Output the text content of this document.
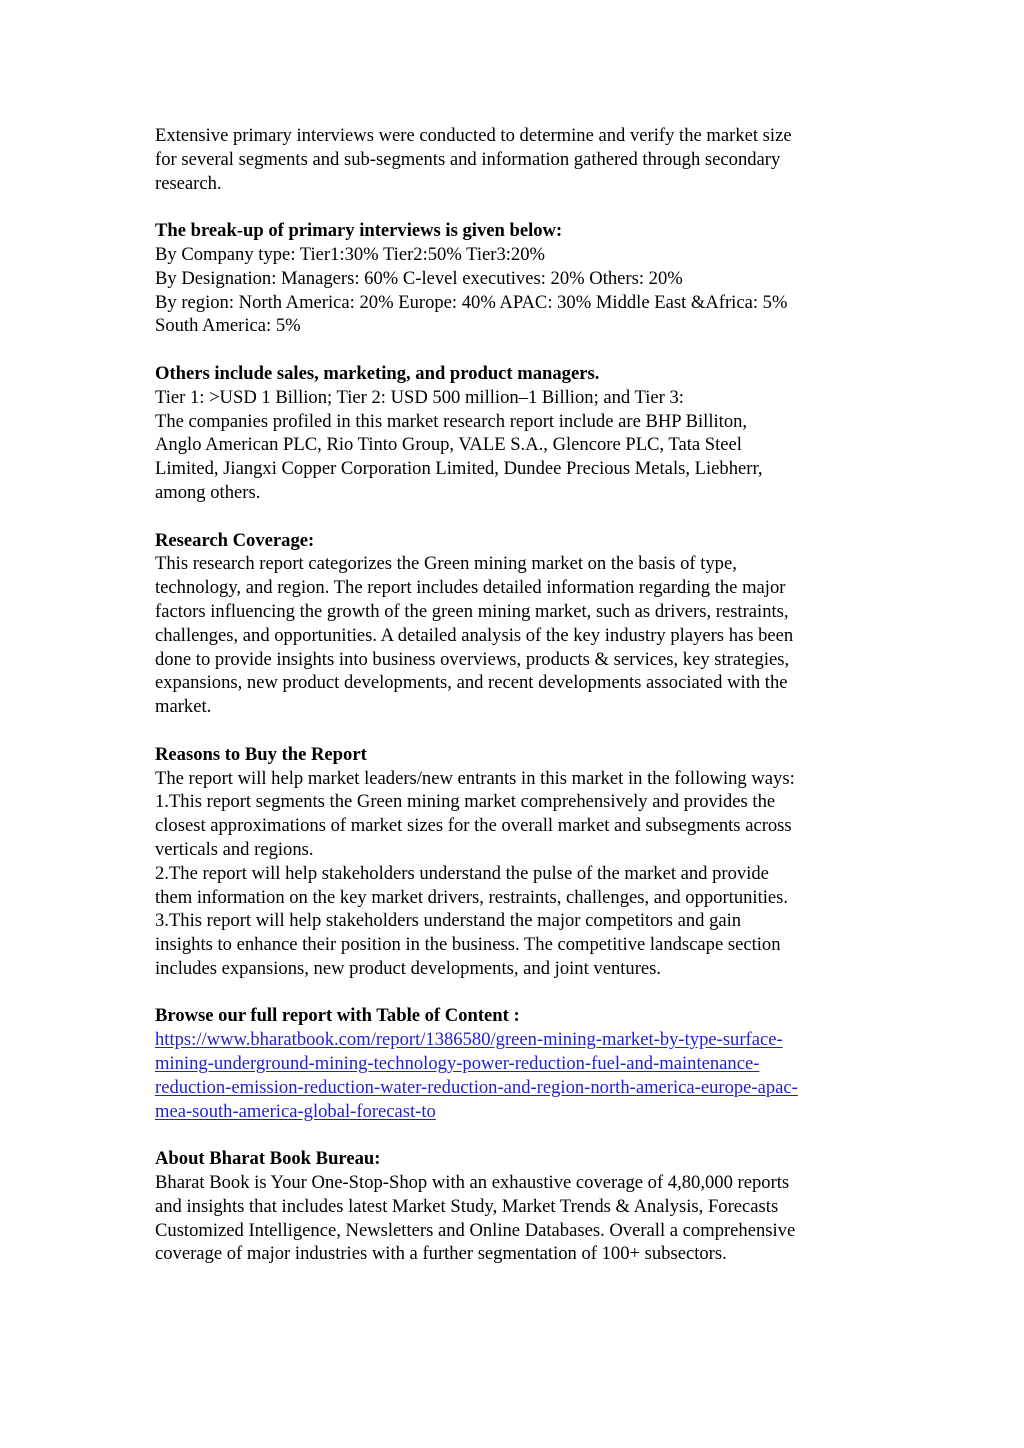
Extensive primary interviews were conducted to determine and verify the market size
for several segments and sub-segments and information gathered through secondary
research.
The break-up of primary interviews is given below:
By Company type: Tier1:30% Tier2:50% Tier3:20%
By Designation: Managers: 60% C-level executives: 20% Others: 20%
By region: North America: 20% Europe: 40% APAC: 30% Middle East &Africa: 5%
South America: 5%
Others include sales, marketing, and product managers.
Tier 1: >USD 1 Billion; Tier 2: USD 500 million–1 Billion; and Tier 3:
The companies profiled in this market research report include are BHP Billiton,
Anglo American PLC, Rio Tinto Group, VALE S.A., Glencore PLC, Tata Steel
Limited, Jiangxi Copper Corporation Limited, Dundee Precious Metals, Liebherr,
among others.
Research Coverage:
This research report categorizes the Green mining market on the basis of type,
technology, and region. The report includes detailed information regarding the major
factors influencing the growth of the green mining market, such as drivers, restraints,
challenges, and opportunities. A detailed analysis of the key industry players has been
done to provide insights into business overviews, products & services, key strategies,
expansions, new product developments, and recent developments associated with the
market.
Reasons to Buy the Report
The report will help market leaders/new entrants in this market in the following ways:
1.This report segments the Green mining market comprehensively and provides the
closest approximations of market sizes for the overall market and subsegments across
verticals and regions.
2.The report will help stakeholders understand the pulse of the market and provide
them information on the key market drivers, restraints, challenges, and opportunities.
3.This report will help stakeholders understand the major competitors and gain
insights to enhance their position in the business. The competitive landscape section
includes expansions, new product developments, and joint ventures.
Browse our full report with Table of Content :
https://www.bharatbook.com/report/1386580/green-mining-market-by-type-surface-
mining-underground-mining-technology-power-reduction-fuel-and-maintenance-
reduction-emission-reduction-water-reduction-and-region-north-america-europe-apac-
mea-south-america-global-forecast-to
About Bharat Book Bureau:
Bharat Book is Your One-Stop-Shop with an exhaustive coverage of 4,80,000 reports
and insights that includes latest Market Study, Market Trends & Analysis, Forecasts
Customized Intelligence, Newsletters and Online Databases. Overall a comprehensive
coverage of major industries with a further segmentation of 100+ subsectors.
